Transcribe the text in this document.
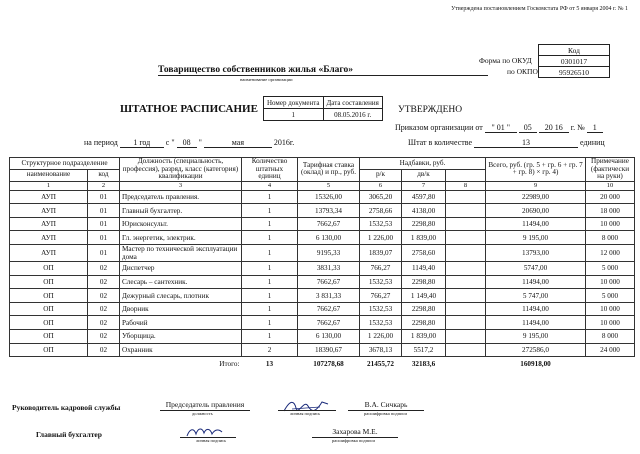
Утверждена постановлением Госкомстата РФ от 5 января 2004 г. № 1
Код
0301017
95926510
Форма по ОКУД
по ОКПО
Товарищество собственников жилья «Благо»
наименование организации
ШТАТНОЕ РАСПИСАНИЕ
Номер документа	Дата составления
1	08.05.2016 г.	УТВЕРЖДЕНО
Приказом организации от " 01 " 05 20 16 г. № 1
Штат в количестве	13	единиц
на период 1 год с " 08 "	мая	2016г.
Структурное подразделение		Должность (специальность, профессия), разряд, класс (категория) квалификации	Количество штатных единиц	Тарифная ставка (оклад) и пр., руб.	Надбавки, руб.			Всего, руб. (гр. 5 + гр. 6 + гр. 7 + гр. 8) × гр. 4)	Примечание (фактически на руки)
наименование	код				р/к	дв/к			
1	2	3	4	5	6	7	8	9	10
АУП	01	Председатель правления.	1	15326,00	3065,20	4597,80		22989,00	20 000
АУП	01	Главный бухгалтер.	1	13793,34	2758,66	4138,00		20690,00	18 000
АУП	01	Юрисконсульт.	1	7662,67	1532,53	2298,80		11494,00	10 000
АУП	01	Гл. энергетик, электрик.	1	6 130,00	1 226,00	1 839,00		9 195,00	8 000
АУП	01	Мастер по технической эксплуатации дома	1	9195,33	1839,07	2758,60		13793,00	12 000
ОП	02	Диспетчер	1	3831,33	766,27	1149,40		5747,00	5 000
ОП	02	Слесарь – сантехник.	1	7662,67	1532,53	2298,80		11494,00	10 000
ОП	02	Дежурный слесарь, плотник	1	3 831,33	766,27	1 149,40		5 747,00	5 000
ОП	02	Дворник	1	7662,67	1532,53	2298,80		11494,00	10 000
ОП	02	Рабочий	1	7662,67	1532,53	2298,80		11494,00	10 000
ОП	02	Уборщица.	1	6 130,00	1 226,00	1 839,00		9 195,00	8 000
ОП	02	Охранник	2	18390,67	3678,13	5517,2		272586,0	24 000
		Итого:	13	107278,68	21455,72	32183,6		160918,00	
Руководитель кадровой службы	Председатель правления
должность	личная подпись
В.А. Сичкарь
расшифровка подписи
Главный бухгалтер
личная подпись
Захарова М.Е.
расшифровка подписи
